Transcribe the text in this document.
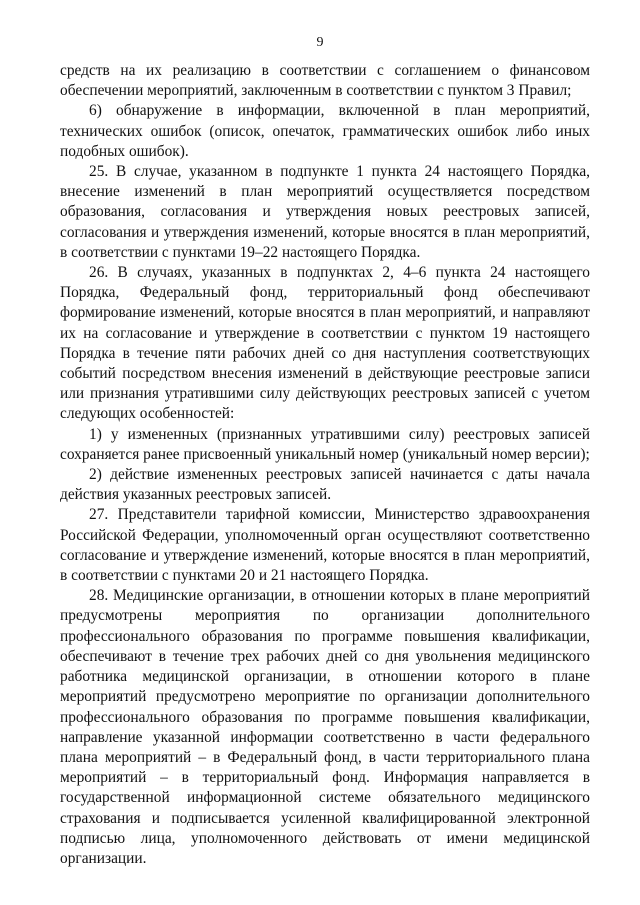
9

средств на их реализацию в соответствии с соглашением о финансовом обеспечении мероприятий, заключенным в соответствии с пунктом 3 Правил;

6) обнаружение в информации, включенной в план мероприятий, технических ошибок (описок, опечаток, грамматических ошибок либо иных подобных ошибок).

25. В случае, указанном в подпункте 1 пункта 24 настоящего Порядка, внесение изменений в план мероприятий осуществляется посредством образования, согласования и утверждения новых реестровых записей, согласования и утверждения изменений, которые вносятся в план мероприятий, в соответствии с пунктами 19–22 настоящего Порядка.

26. В случаях, указанных в подпунктах 2, 4–6 пункта 24 настоящего Порядка, Федеральный фонд, территориальный фонд обеспечивают формирование изменений, которые вносятся в план мероприятий, и направляют их на согласование и утверждение в соответствии с пунктом 19 настоящего Порядка в течение пяти рабочих дней со дня наступления соответствующих событий посредством внесения изменений в действующие реестровые записи или признания утратившими силу действующих реестровых записей с учетом следующих особенностей:

1) у измененных (признанных утратившими силу) реестровых записей сохраняется ранее присвоенный уникальный номер (уникальный номер версии);

2) действие измененных реестровых записей начинается с даты начала действия указанных реестровых записей.

27. Представители тарифной комиссии, Министерство здравоохранения Российской Федерации, уполномоченный орган осуществляют соответственно согласование и утверждение изменений, которые вносятся в план мероприятий, в соответствии с пунктами 20 и 21 настоящего Порядка.

28. Медицинские организации, в отношении которых в плане мероприятий предусмотрены мероприятия по организации дополнительного профессионального образования по программе повышения квалификации, обеспечивают в течение трех рабочих дней со дня увольнения медицинского работника медицинской организации, в отношении которого в плане мероприятий предусмотрено мероприятие по организации дополнительного профессионального образования по программе повышения квалификации, направление указанной информации соответственно в части федерального плана мероприятий – в Федеральный фонд, в части территориального плана мероприятий – в территориальный фонд. Информация направляется в государственной информационной системе обязательного медицинского страхования и подписывается усиленной квалифицированной электронной подписью лица, уполномоченного действовать от имени медицинской организации.
